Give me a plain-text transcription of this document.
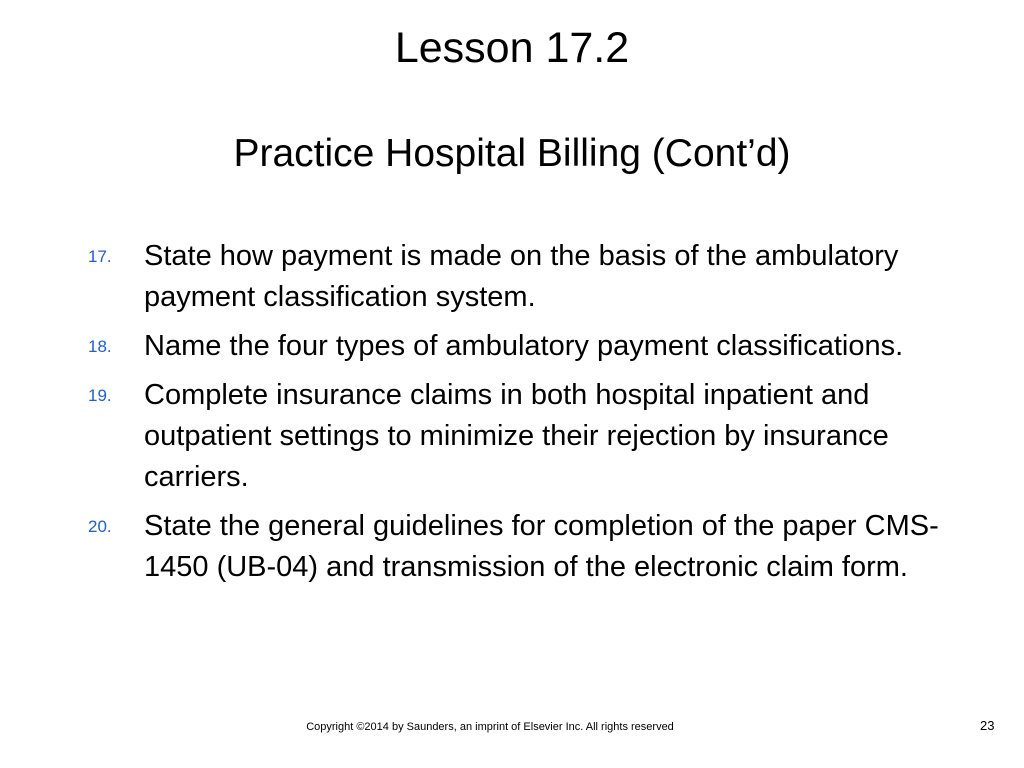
Lesson 17.2
Practice Hospital Billing (Cont’d)
17.	State how payment is made on the basis of the ambulatory payment classification system.
18.	Name the four types of ambulatory payment classifications.
19.	Complete insurance claims in both hospital inpatient and outpatient settings to minimize their rejection by insurance carriers.
20.	State the general guidelines for completion of the paper CMS-1450 (UB-04) and transmission of the electronic claim form.
Copyright ©2014 by Saunders, an imprint of Elsevier Inc. All rights reserved	23
